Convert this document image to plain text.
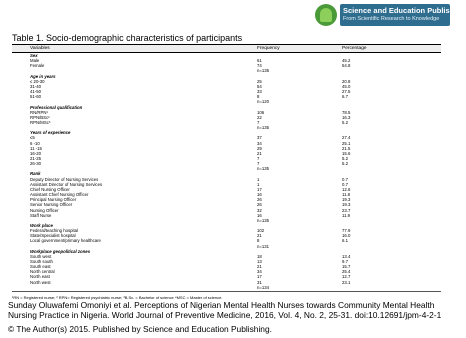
Science and Education Publishing
From Scientific Research to Knowledge
Table 1. Socio-demographic characteristics of participants
Variables	Frequency	Percentage
Sex
Male	61	45.2
Female	74	54.8
n=135
Age in years
≤ 20-30	25	20.8
31-40	54	45.0
41-50	33	27.5
51-60	8	6.7
n=120
Professional qualification
RN/RPN¹	106	78.5
RPN/BSc²	22	16.3
RPN/MSc³	7	5.2
n=135
Years of experience
≤5	37	27.4
6 -10	34	25.1
11 -15	29	21.5
16-20	21	15.6
21-25	7	5.2
26-30	7	5.2
n=135
Rank
Deputy Director of Nursing Services	1	0.7
Assistant Director of Nursing Services	1	0.7
Chief Nursing Officer	17	12.6
Assistant Chief Nursing Officer	16	11.8
Principal Nursing Officer	26	19.3
Senior Nursing Officer	26	19.3
Nursing Officer	32	23.7
Staff Nurse	16	11.9
n=135
Work place
Federal/teaching hospital	102	77.9
State/Specialist hospital	21	16.0
Local government/primary healthcare	8	6.1
n=131
Workplace geopolitical zones
South west	18	13.4
South south	13	9.7
South east	21	15.7
North central	34	25.4
North east	17	12.7
North west	31	23.1
n=134
¹RN = Registered nurse; ² RPN= Registered psychiatric nurse; ³B.Sc. = Bachelor of science ⁴MSC = Master of science.
Sunday Oluwafemi Omoniyi et al. Perceptions of Nigerian Mental Health Nurses towards Community Mental Health Nursing Practice in Nigeria. World Journal of Preventive Medicine, 2016, Vol. 4, No. 2, 25-31. doi:10.12691/jpm-4-2-1
© The Author(s) 2015. Published by Science and Education Publishing.
